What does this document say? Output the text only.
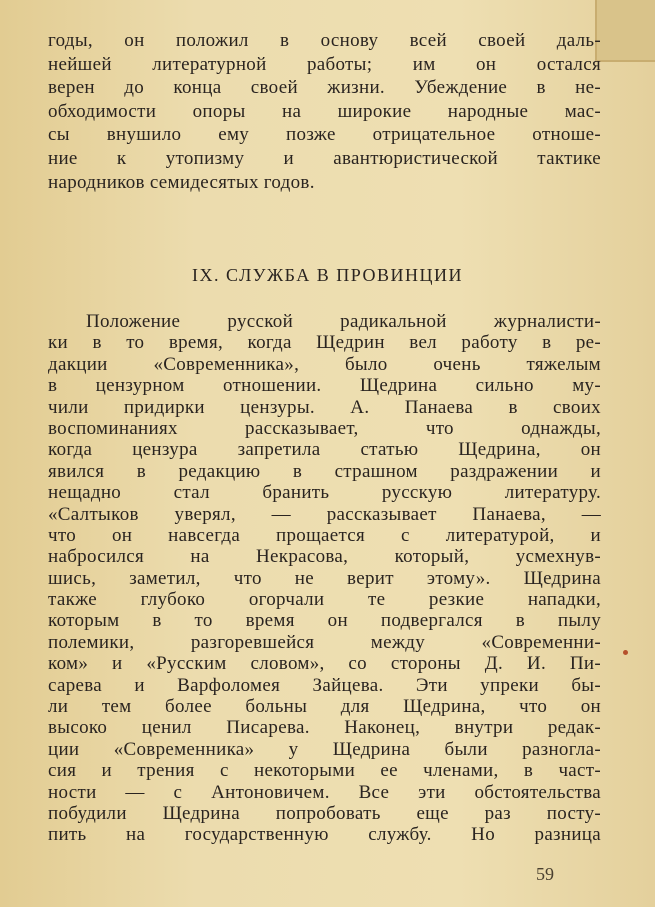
годы, он положил в основу всей своей даль-
нейшей литературной работы; им он остался
верен до конца своей жизни. Убеждение в не-
обходимости опоры на широкие народные мас-
сы внушило ему позже отрицательное отноше-
ние к утопизму и авантюристической тактике
народников семидесятых годов.
IX. СЛУЖБА В ПРОВИНЦИИ
Положение русской радикальной журналисти-
ки в то время, когда Щедрин вел работу в ре-
дакции «Современника», было очень тяжелым
в цензурном отношении. Щедрина сильно му-
чили придирки цензуры. А. Панаева в своих
воспоминаниях рассказывает, что однажды,
когда цензура запретила статью Щедрина, он
явился в редакцию в страшном раздражении и
нещадно стал бранить русскую литературу.
«Салтыков уверял, — рассказывает Панаева, —
что он навсегда прощается с литературой, и
набросился на Некрасова, который, усмехнув-
шись, заметил, что не верит этому». Щедрина
также глубоко огорчали те резкие нападки,
которым в то время он подвергался в пылу
полемики, разгоревшейся между «Современни-
ком» и «Русским словом», со стороны Д. И. Пи-
сарева и Варфоломея Зайцева. Эти упреки бы-
ли тем более больны для Щедрина, что он
высоко ценил Писарева. Наконец, внутри редак-
ции «Современника» у Щедрина были разногла-
сия и трения с некоторыми ее членами, в част-
ности — с Антоновичем. Все эти обстоятельства
побудили Щедрина попробовать еще раз посту-
пить на государственную службу. Но разница
59
